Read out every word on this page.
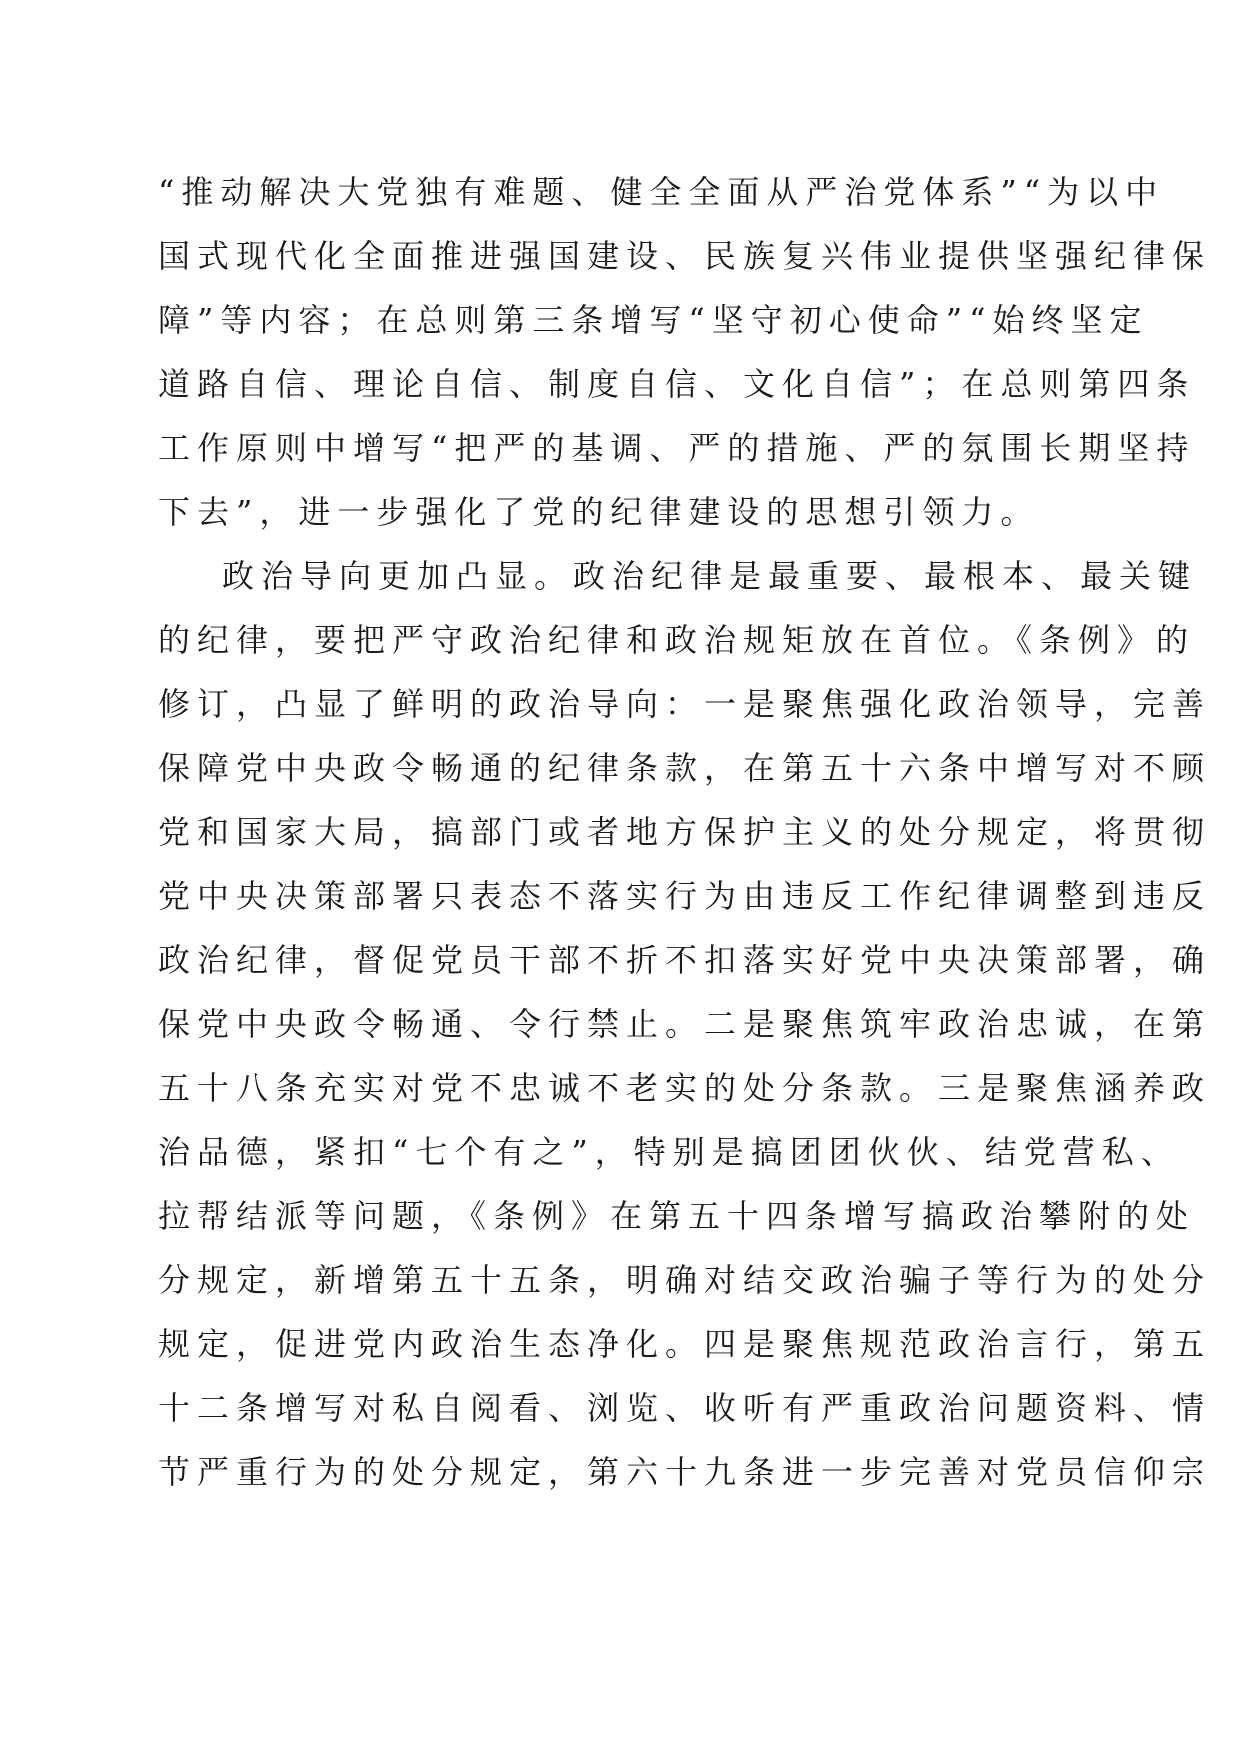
“推动解决大党独有难题、健全全面从严治党体系”“为以中
国式现代化全面推进强国建设、民族复兴伟业提供坚强纪律保
障”等内容；在总则第三条增写“坚守初心使命”“始终坚定
道路自信、理论自信、制度自信、文化自信”；在总则第四条
工作原则中增写“把严的基调、严的措施、严的氛围长期坚持
下去”，进一步强化了党的纪律建设的思想引领力。
政治导向更加凸显。政治纪律是最重要、最根本、最关键
的纪律，要把严守政治纪律和政治规矩放在首位。《条例》的
修订，凸显了鲜明的政治导向：一是聚焦强化政治领导，完善
保障党中央政令畅通的纪律条款，在第五十六条中增写对不顾
党和国家大局，搞部门或者地方保护主义的处分规定，将贯彻
党中央决策部署只表态不落实行为由违反工作纪律调整到违反
政治纪律，督促党员干部不折不扣落实好党中央决策部署，确
保党中央政令畅通、令行禁止。二是聚焦筑牢政治忠诚，在第
五十八条充实对党不忠诚不老实的处分条款。三是聚焦涵养政
治品德，紧扣“七个有之”，特别是搞团团伙伙、结党营私、
拉帮结派等问题，《条例》在第五十四条增写搞政治攀附的处
分规定，新增第五十五条，明确对结交政治骗子等行为的处分
规定，促进党内政治生态净化。四是聚焦规范政治言行，第五
十二条增写对私自阅看、浏览、收听有严重政治问题资料、情
节严重行为的处分规定，第六十九条进一步完善对党员信仰宗
